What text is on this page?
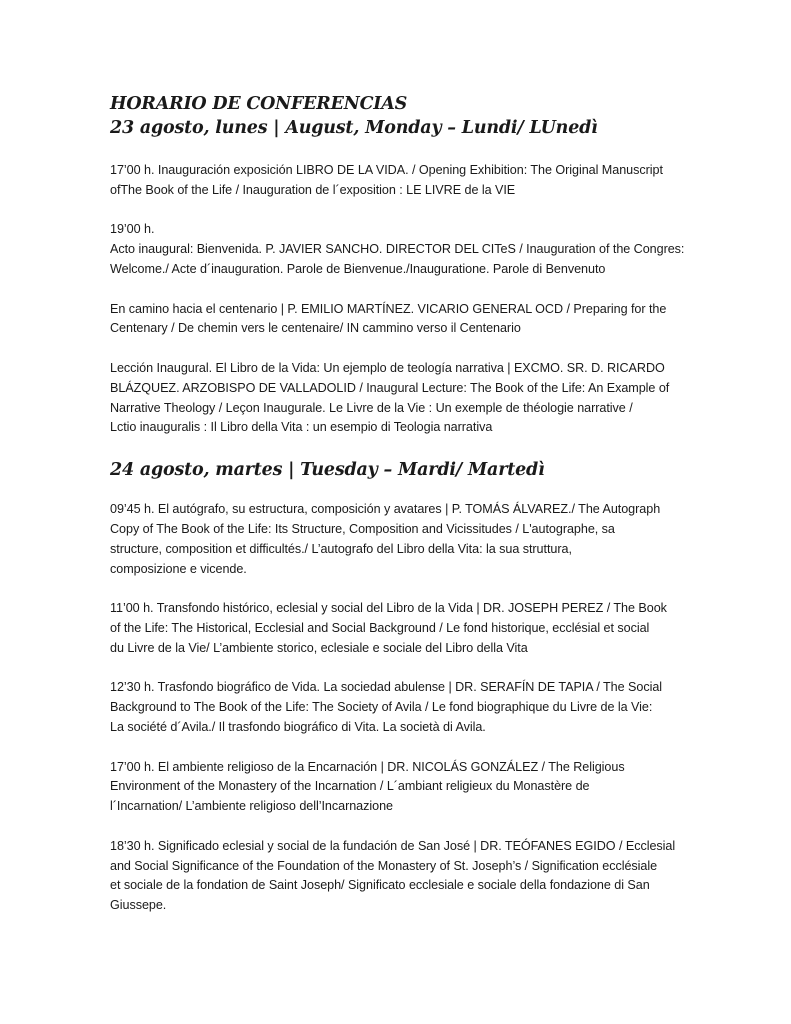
HORARIO DE CONFERENCIAS
23 agosto, lunes | August, Monday – Lundi/ LUnedì

17’00 h. Inauguración exposición LIBRO DE LA VIDA. / Opening Exhibition: The Original Manuscript
ofThe Book of the Life / Inauguration de l´exposition : LE LIVRE de la VIE

19’00 h.
Acto inaugural: Bienvenida. P. JAVIER SANCHO. DIRECTOR DEL CITeS / Inauguration of the Congres:
Welcome./ Acte d´inauguration. Parole de Bienvenue./Inauguratione. Parole di Benvenuto

En camino hacia el centenario | P. EMILIO MARTÍNEZ. VICARIO GENERAL OCD / Preparing for the
Centenary / De chemin vers le centenaire/ IN cammino verso il Centenario

Lección Inaugural. El Libro de la Vida: Un ejemplo de teología narrativa | EXCMO. SR. D. RICARDO
BLÁZQUEZ. ARZOBISPO DE VALLADOLID / Inaugural Lecture: The Book of the Life: An Example of
Narrative Theology / Leçon Inaugurale. Le Livre de la Vie : Un exemple de théologie narrative /
Lctio inauguralis : Il Libro della Vita : un esempio di Teologia narrativa

24 agosto, martes | Tuesday – Mardi/ Martedì

09’45 h. El autógrafo, su estructura, composición y avatares | P. TOMÁS ÁLVAREZ./ The Autograph
Copy of The Book of the Life: Its Structure, Composition and Vicissitudes / L'autographe, sa
structure, composition et difficultés./ L’autografo del Libro della Vita: la sua struttura,
composizione e vicende.

11’00 h. Transfondo histórico, eclesial y social del Libro de la Vida | DR. JOSEPH PEREZ / The Book
of the Life: The Historical, Ecclesial and Social Background / Le fond historique, ecclésial et social
du Livre de la Vie/ L’ambiente storico, eclesiale e sociale del Libro della Vita

12’30 h. Trasfondo biográfico de Vida. La sociedad abulense | DR. SERAFÍN DE TAPIA / The Social
Background to The Book of the Life: The Society of Avila / Le fond biographique du Livre de la Vie:
La société d´Avila./ Il trasfondo biográfico di Vita. La società di Avila.

17’00 h. El ambiente religioso de la Encarnación | DR. NICOLÁS GONZÁLEZ / The Religious
Environment of the Monastery of the Incarnation / L´ambiant religieux du Monastère de
l´Incarnation/ L’ambiente religioso dell’Incarnazione

18’30 h. Significado eclesial y social de la fundación de San José | DR. TEÓFANES EGIDO / Ecclesial
and Social Significance of the Foundation of the Monastery of St. Joseph’s / Signification ecclésiale
et sociale de la fondation de Saint Joseph/ Significato ecclesiale e sociale della fondazione di San
Giussepe.
